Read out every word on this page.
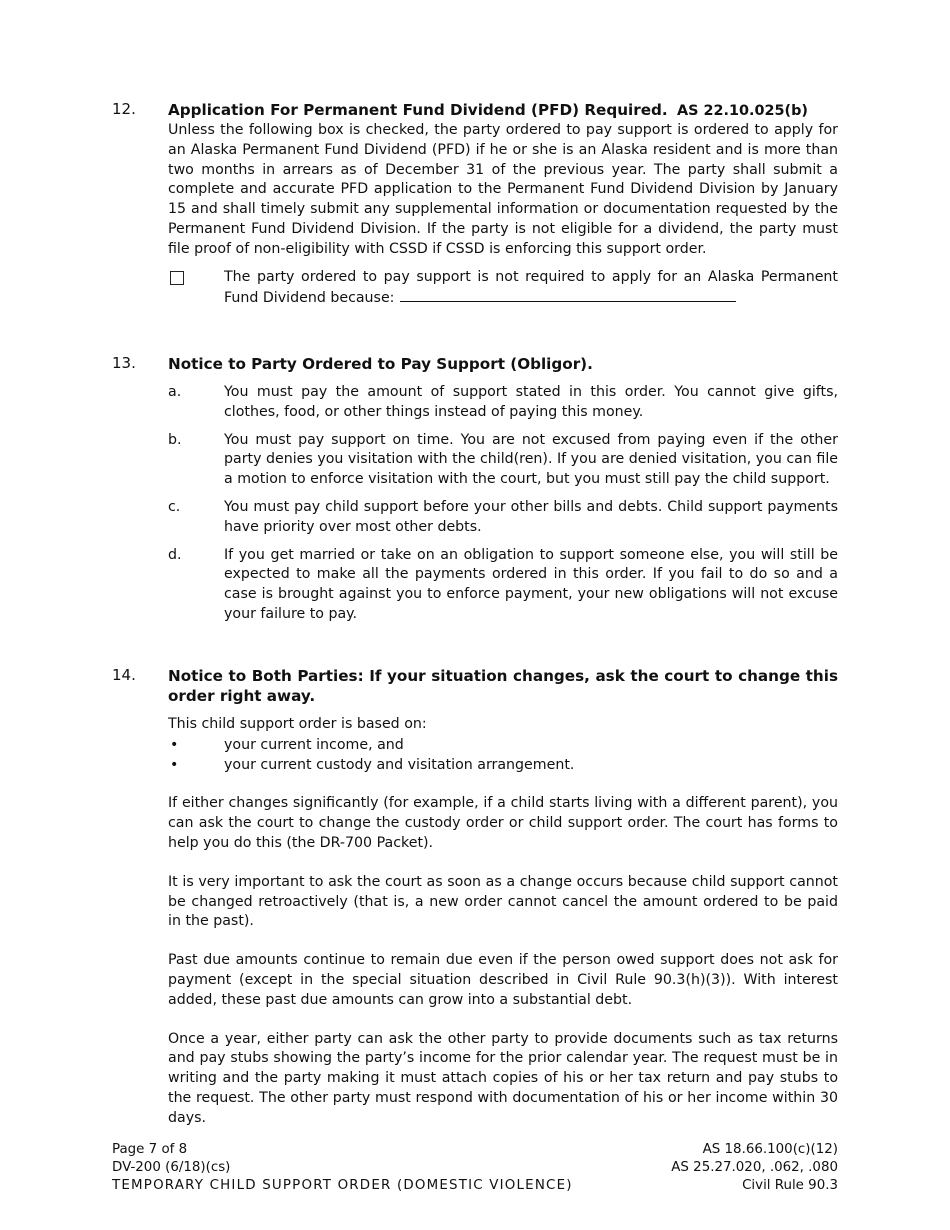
12. Application For Permanent Fund Dividend (PFD) Required. AS 22.10.025(b)

Unless the following box is checked, the party ordered to pay support is ordered to apply for an Alaska Permanent Fund Dividend (PFD) if he or she is an Alaska resident and is more than two months in arrears as of December 31 of the previous year. The party shall submit a complete and accurate PFD application to the Permanent Fund Dividend Division by January 15 and shall timely submit any supplemental information or documentation requested by the Permanent Fund Dividend Division. If the party is not eligible for a dividend, the party must file proof of non-eligibility with CSSD if CSSD is enforcing this support order.

The party ordered to pay support is not required to apply for an Alaska Permanent Fund Dividend because:

13. Notice to Party Ordered to Pay Support (Obligor).
a.	You must pay the amount of support stated in this order. You cannot give gifts, clothes, food, or other things instead of paying this money.

b.	You must pay support on time. You are not excused from paying even if the other party denies you visitation with the child(ren). If you are denied visitation, you can file a motion to enforce visitation with the court, but you must still pay the child support.

c.	You must pay child support before your other bills and debts. Child support payments have priority over most other debts.

d.	If you get married or take on an obligation to support someone else, you will still be expected to make all the payments ordered in this order. If you fail to do so and a case is brought against you to enforce payment, your new obligations will not excuse your failure to pay.

14. Notice to Both Parties: If your situation changes, ask the court to change this order right away.

This child support order is based on:

•	your current income, and
•	your current custody and visitation arrangement.

If either changes significantly (for example, if a child starts living with a different parent), you can ask the court to change the custody order or child support order. The court has forms to help you do this (the DR-700 Packet).

It is very important to ask the court as soon as a change occurs because child support cannot be changed retroactively (that is, a new order cannot cancel the amount ordered to be paid in the past).

Past due amounts continue to remain due even if the person owed support does not ask for payment (except in the special situation described in Civil Rule 90.3(h)(3)). With interest added, these past due amounts can grow into a substantial debt.

Once a year, either party can ask the other party to provide documents such as tax returns and pay stubs showing the party’s income for the prior calendar year. The request must be in writing and the party making it must attach copies of his or her tax return and pay stubs to the request. The other party must respond with documentation of his or her income within 30 days.

Page 7 of 8
DV-200 (6/18)(cs)
TEMPORARY CHILD SUPPORT ORDER (DOMESTIC VIOLENCE)
AS 18.66.100(c)(12)
AS 25.27.020, .062, .080
Civil Rule 90.3
